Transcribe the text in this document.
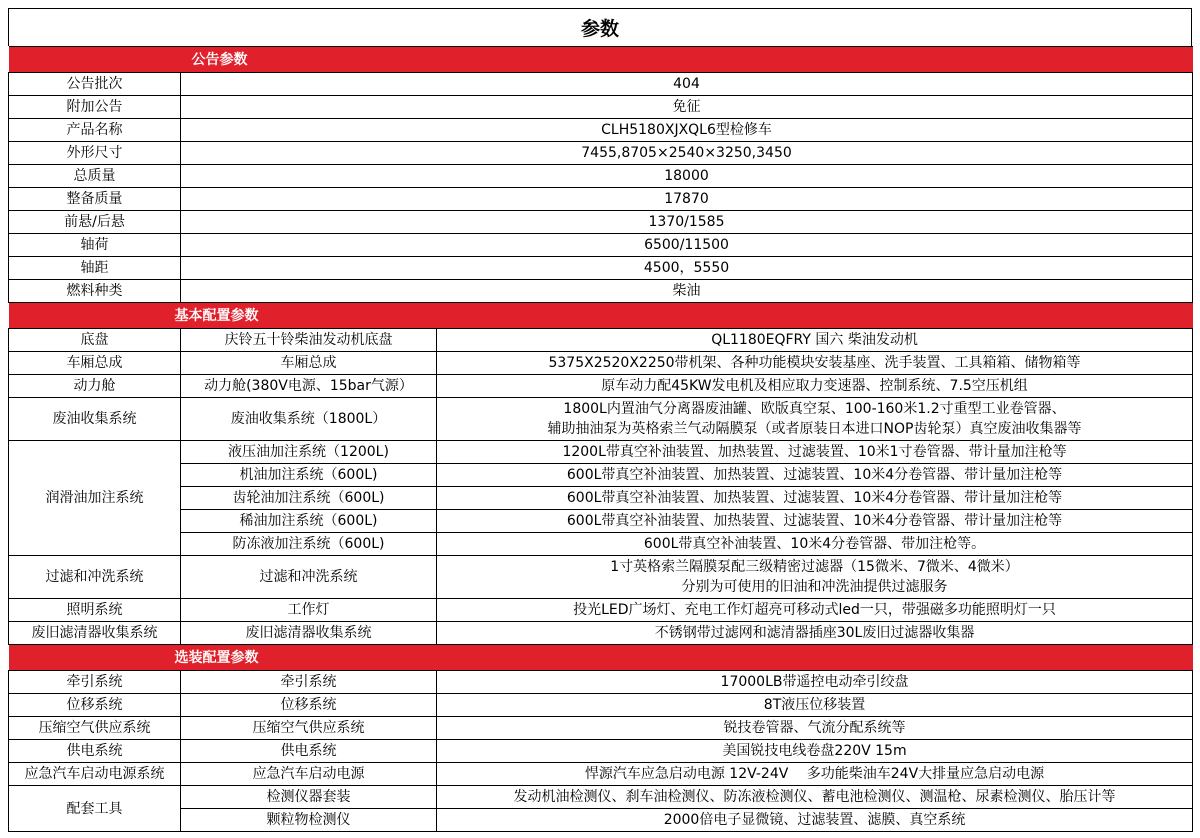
参数
公告参数		
公告批次	404	
附加公告	免征	
产品名称	CLH5180XJXQL6型检修车	
外形尺寸	7455,8705×2540×3250,3450	
总质量	18000	
整备质量	17870	
前悬/后悬	1370/1585	
轴荷	6500/11500	
轴距	4500，5550	
燃料种类	柴油	
基本配置参数		
底盘	庆铃五十铃柴油发动机底盘	QL1180EQFRY 国六 柴油发动机
车厢总成	车厢总成	5375X2520X2250带机架、各种功能模块安装基座、洗手装置、工具箱箱、储物箱等
动力舱	动力舱(380V电源、15bar气源）	原车动力配45KW发电机及相应取力变速器、控制系统、7.5空压机组
废油收集系统	废油收集系统（1800L）	1800L内置油气分离器废油罐、欧版真空泵、100-160米1.2寸重型工业卷管器、
辅助抽油泵为英格索兰气动隔膜泵（或者原装日本进口NOP齿轮泵）真空废油收集器等

润滑油加注系统	液压油加注系统（1200L)	1200L带真空补油装置、加热装置、过滤装置、10米1寸卷管器、带计量加注枪等
	机油加注系统（600L)	600L带真空补油装置、加热装置、过滤装置、10米4分卷管器、带计量加注枪等
	齿轮油加注系统（600L)	600L带真空补油装置、加热装置、过滤装置、10米4分卷管器、带计量加注枪等
	稀油加注系统（600L)	600L带真空补油装置、加热装置、过滤装置、10米4分卷管器、带计量加注枪等
	防冻液加注系统（600L)	600L带真空补油装置、10米4分卷管器、带加注枪等。
过滤和冲洗系统	过滤和冲洗系统	1寸英格索兰隔膜泵配三级精密过滤器（15微米、7微米、4微米）
分别为可使用的旧油和冲洗油提供过滤服务

照明系统	工作灯	投光LED广场灯、充电工作灯超亮可移动式led一只，带强磁多功能照明灯一只
废旧滤清器收集系统	废旧滤清器收集系统	不锈钢带过滤网和滤清器插座30L废旧过滤器收集器
选装配置参数		
牵引系统	牵引系统	17000LB带遥控电动牵引绞盘
位移系统	位移系统	8T液压位移装置
压缩空气供应系统	压缩空气供应系统	锐技卷管器、气流分配系统等
供电系统	供电系统	美国锐技电线卷盘220V 15m
应急汽车启动电源系统	应急汽车启动电源	悍源汽车应急启动电源 12V-24V　 多功能柴油车24V大排量应急启动电源
配套工具	检测仪器套装	发动机油检测仪、刹车油检测仪、防冻液检测仪、蓄电池检测仪、测温枪、尿素检测仪、胎压计等
	颗粒物检测仪	2000倍电子显微镜、过滤装置、滤膜、真空系统
